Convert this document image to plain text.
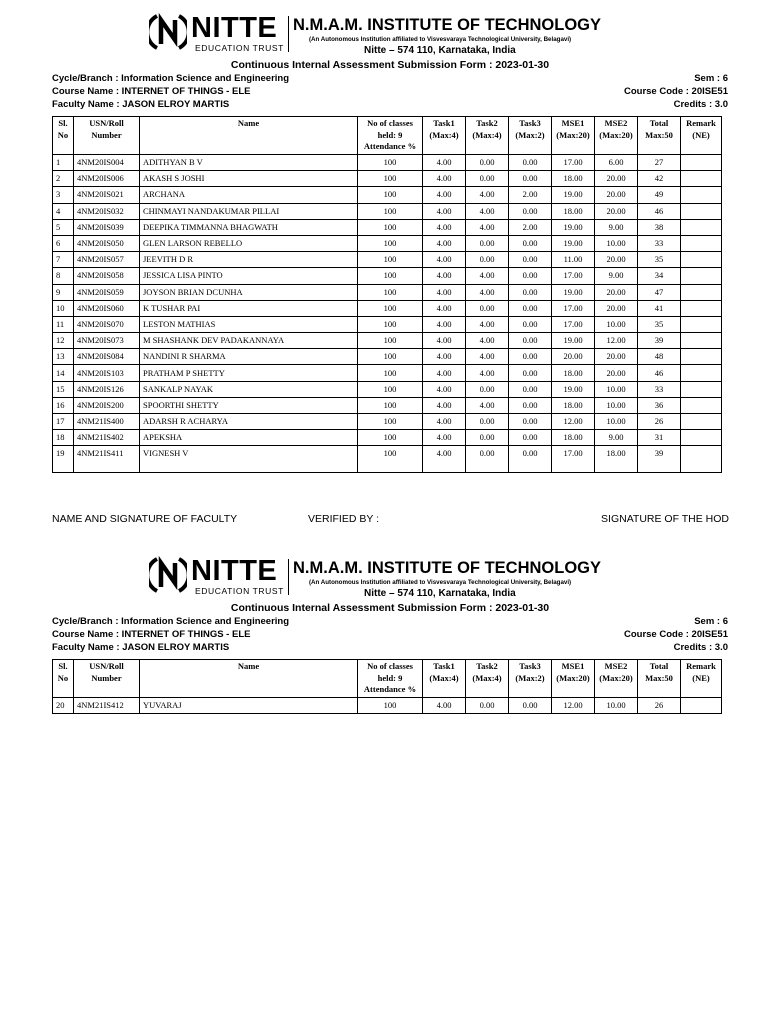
NITTE
EDUCATION TRUST
N.M.A.M. INSTITUTE OF TECHNOLOGY
(An Autonomous Institution affiliated to Visvesvaraya Technological University, Belagavi)
Nitte – 574 110, Karnataka, India
Continuous Internal Assessment Submission Form : 2023-01-30
Cycle/Branch : Information Science and Engineering
Course Name : INTERNET OF THINGS - ELE
Faculty Name : JASON ELROY MARTIS
Sem : 6
Course Code : 20ISE51
Credits : 3.0
Sl. No	USN/Roll Number	Name	No of classes held: 9 Attendance %	Task1 (Max:4)	Task2 (Max:4)	Task3 (Max:2)	MSE1 (Max:20)	MSE2 (Max:20)	Total Max:50	Remark (NE)
1	4NM20IS004	ADITHYAN B V	100	4.00	0.00	0.00	17.00	6.00	27	
2	4NM20IS006	AKASH S JOSHI	100	4.00	0.00	0.00	18.00	20.00	42	
3	4NM20IS021	ARCHANA	100	4.00	4.00	2.00	19.00	20.00	49	
4	4NM20IS032	CHINMAYI NANDAKUMAR PILLAI	100	4.00	4.00	0.00	18.00	20.00	46	
5	4NM20IS039	DEEPIKA TIMMANNA BHAGWATH	100	4.00	4.00	2.00	19.00	9.00	38	
6	4NM20IS050	GLEN LARSON REBELLO	100	4.00	0.00	0.00	19.00	10.00	33	
7	4NM20IS057	JEEVITH D R	100	4.00	0.00	0.00	11.00	20.00	35	
8	4NM20IS058	JESSICA LISA PINTO	100	4.00	4.00	0.00	17.00	9.00	34	
9	4NM20IS059	JOYSON BRIAN DCUNHA	100	4.00	4.00	0.00	19.00	20.00	47	
10	4NM20IS060	K TUSHAR PAI	100	4.00	0.00	0.00	17.00	20.00	41	
11	4NM20IS070	LESTON MATHIAS	100	4.00	4.00	0.00	17.00	10.00	35	
12	4NM20IS073	M SHASHANK DEV PADAKANNAYA	100	4.00	4.00	0.00	19.00	12.00	39	
13	4NM20IS084	NANDINI R SHARMA	100	4.00	4.00	0.00	20.00	20.00	48	
14	4NM20IS103	PRATHAM P SHETTY	100	4.00	4.00	0.00	18.00	20.00	46	
15	4NM20IS126	SANKALP NAYAK	100	4.00	0.00	0.00	19.00	10.00	33	
16	4NM20IS200	SPOORTHI SHETTY	100	4.00	4.00	0.00	18.00	10.00	36	
17	4NM21IS400	ADARSH R ACHARYA	100	4.00	0.00	0.00	12.00	10.00	26	
18	4NM21IS402	APEKSHA	100	4.00	0.00	0.00	18.00	9.00	31	
19	4NM21IS411	VIGNESH V	100	4.00	0.00	0.00	17.00	18.00	39	
NAME AND SIGNATURE OF FACULTY	VERIFIED BY :	SIGNATURE OF THE HOD
NITTE
EDUCATION TRUST
N.M.A.M. INSTITUTE OF TECHNOLOGY
(An Autonomous Institution affiliated to Visvesvaraya Technological University, Belagavi)
Nitte – 574 110, Karnataka, India
Continuous Internal Assessment Submission Form : 2023-01-30
Cycle/Branch : Information Science and Engineering
Course Name : INTERNET OF THINGS - ELE
Faculty Name : JASON ELROY MARTIS
Sem : 6
Course Code : 20ISE51
Credits : 3.0
Sl. No	USN/Roll Number	Name	No of classes held: 9 Attendance %	Task1 (Max:4)	Task2 (Max:4)	Task3 (Max:2)	MSE1 (Max:20)	MSE2 (Max:20)	Total Max:50	Remark (NE)
20	4NM21IS412	YUVARAJ	100	4.00	0.00	0.00	12.00	10.00	26	
